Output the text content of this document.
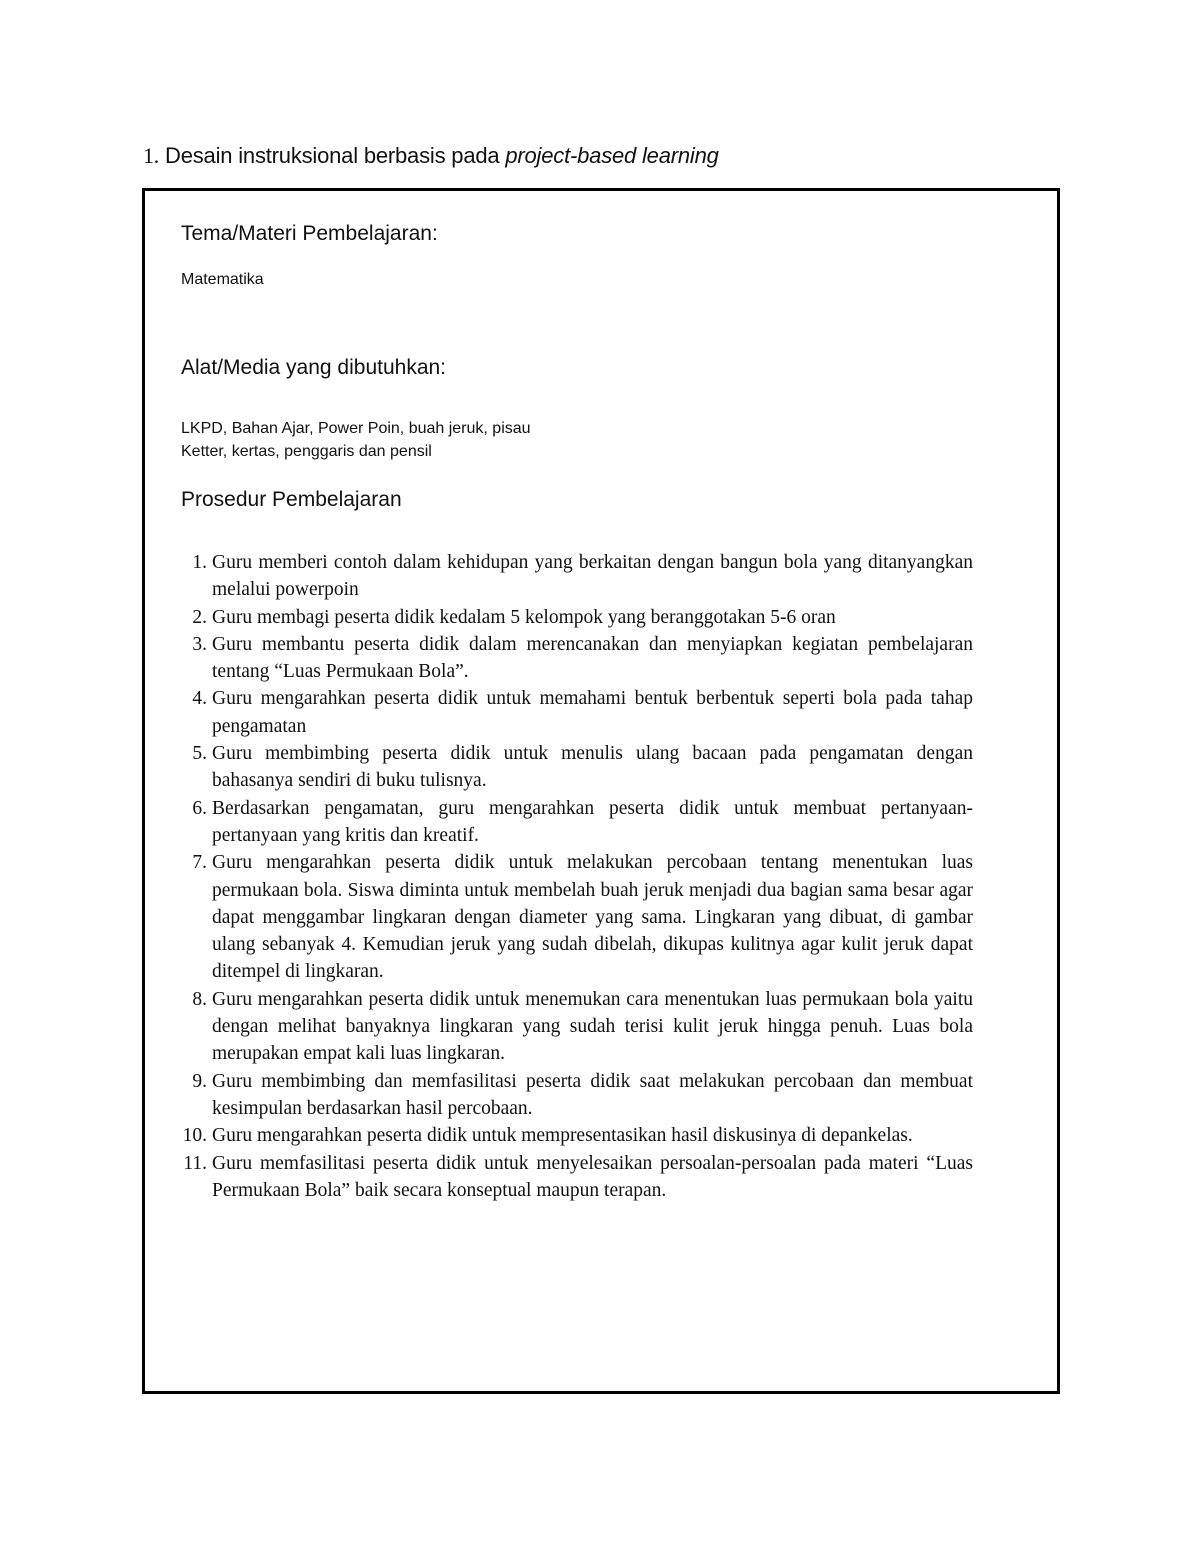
1. Desain instruksional berbasis pada project-based learning
Tema/Materi Pembelajaran:
Matematika
Alat/Media yang dibutuhkan:
LKPD, Bahan Ajar, Power Poin, buah jeruk, pisau
Ketter, kertas, penggaris dan pensil
Prosedur Pembelajaran
1. Guru memberi contoh dalam kehidupan yang berkaitan dengan bangun bola yang ditanyangkan melalui powerpoin
2. Guru membagi peserta didik kedalam 5 kelompok yang beranggotakan 5-6 oran
3. Guru membantu peserta didik dalam merencanakan dan menyiapkan kegiatan pembelajaran tentang “Luas Permukaan Bola”.
4. Guru mengarahkan peserta didik untuk memahami bentuk berbentuk seperti bola pada tahap pengamatan
5. Guru membimbing peserta didik untuk menulis ulang bacaan pada pengamatan dengan bahasanya sendiri di buku tulisnya.
6. Berdasarkan pengamatan, guru mengarahkan peserta didik untuk membuat pertanyaan- pertanyaan yang kritis dan kreatif.
7. Guru mengarahkan peserta didik untuk melakukan percobaan tentang menentukan luas permukaan bola. Siswa diminta untuk membelah buah jeruk menjadi dua bagian sama besar agar dapat menggambar lingkaran dengan diameter yang sama. Lingkaran yang dibuat, di gambar ulang sebanyak 4. Kemudian jeruk yang sudah dibelah, dikupas kulitnya agar kulit jeruk dapat ditempel di lingkaran.
8. Guru mengarahkan peserta didik untuk menemukan cara menentukan luas permukaan bola yaitu dengan melihat banyaknya lingkaran yang sudah terisi kulit jeruk hingga penuh. Luas bola merupakan empat kali luas lingkaran.
9. Guru membimbing dan memfasilitasi peserta didik saat melakukan percobaan dan membuat kesimpulan berdasarkan hasil percobaan.
10. Guru mengarahkan peserta didik untuk mempresentasikan hasil diskusinya di depankelas.
11. Guru memfasilitasi peserta didik untuk menyelesaikan persoalan-persoalan pada materi “Luas Permukaan Bola” baik secara konseptual maupun terapan.
